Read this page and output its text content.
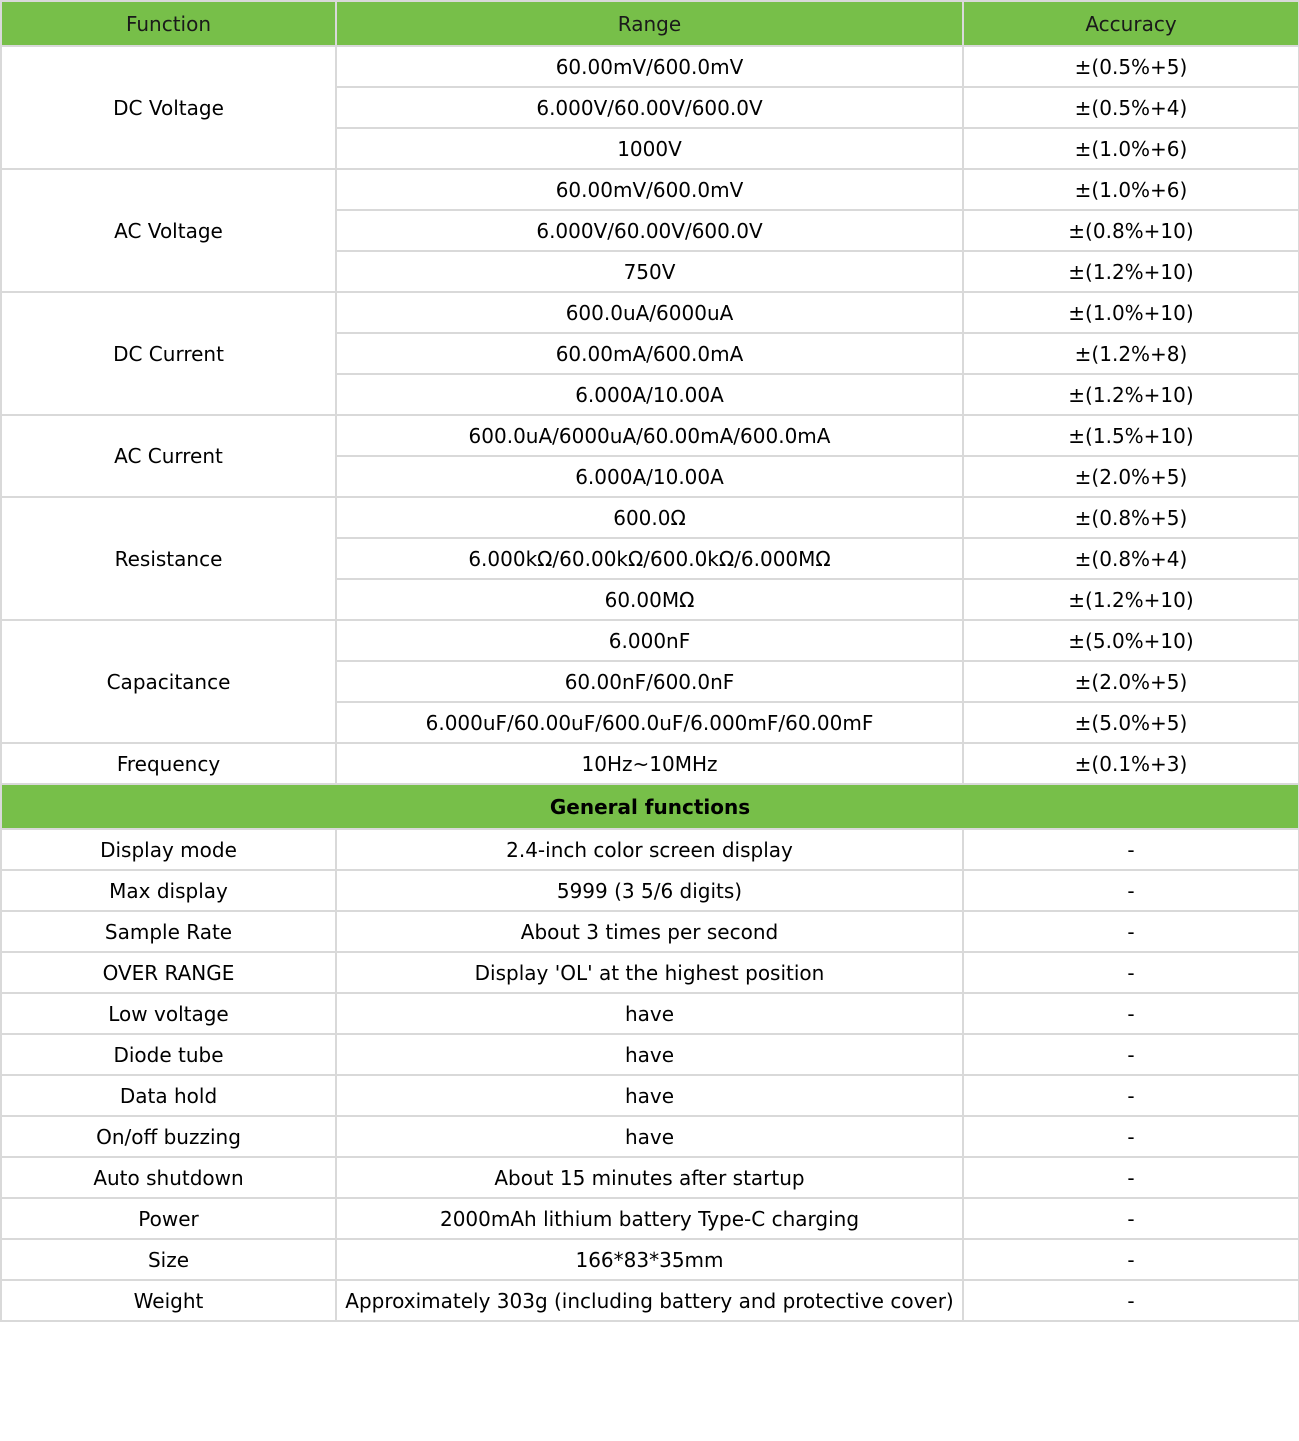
Function	Range	Accuracy
DC Voltage	60.00mV/600.0mV	±(0.5%+5)
	6.000V/60.00V/600.0V	±(0.5%+4)
	1000V	±(1.0%+6)
AC Voltage	60.00mV/600.0mV	±(1.0%+6)
	6.000V/60.00V/600.0V	±(0.8%+10)
	750V	±(1.2%+10)
DC Current	600.0uA/6000uA	±(1.0%+10)
	60.00mA/600.0mA	±(1.2%+8)
	6.000A/10.00A	±(1.2%+10)
AC Current	600.0uA/6000uA/60.00mA/600.0mA	±(1.5%+10)
	6.000A/10.00A	±(2.0%+5)
Resistance	600.0Ω	±(0.8%+5)
	6.000kΩ/60.00kΩ/600.0kΩ/6.000MΩ	±(0.8%+4)
	60.00MΩ	±(1.2%+10)
Capacitance	6.000nF	±(5.0%+10)
	60.00nF/600.0nF	±(2.0%+5)
	6.000uF/60.00uF/600.0uF/6.000mF/60.00mF	±(5.0%+5)
Frequency	10Hz~10MHz	±(0.1%+3)
General functions		
Display mode	2.4-inch color screen display	-
Max display	5999 (3 5/6 digits)	-
Sample Rate	About 3 times per second	-
OVER RANGE	Display 'OL' at the highest position	-
Low voltage	have	-
Diode tube	have	-
Data hold	have	-
On/off buzzing	have	-
Auto shutdown	About 15 minutes after startup	-
Power	2000mAh lithium battery Type-C charging	-
Size	166*83*35mm	-
Weight	Approximately 303g (including battery and protective cover)	-
